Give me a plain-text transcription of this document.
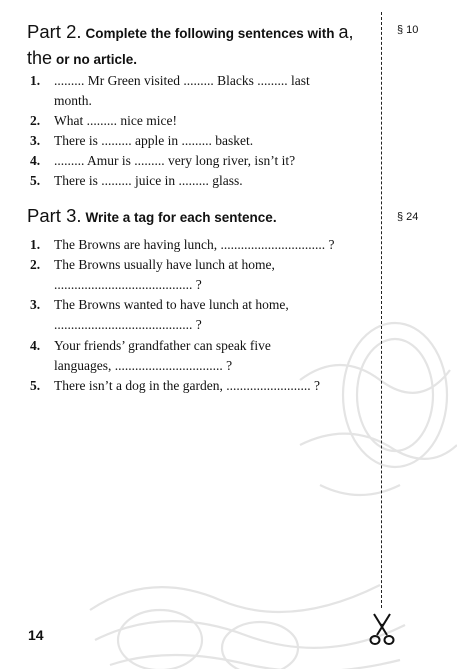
Part 2. Complete the following sentences with a, the or no article.
§ 10
1. ......... Mr Green visited ......... Blacks ......... last
month.
2. What ......... nice mice!
3. There is ......... apple in ......... basket.
4. ......... Amur is ......... very long river, isn’t it?
5. There is ......... juice in ......... glass.
Part 3. Write a tag for each sentence.	§ 24
1. The Browns are having lunch, ............................... ?
2. The Browns usually have lunch at home,
......................................... ?
3. The Browns wanted to have lunch at home,
......................................... ?
4. Your friends’ grandfather can speak five
languages, ................................ ?
5. There isn’t a dog in the garden, ......................... ?
14
